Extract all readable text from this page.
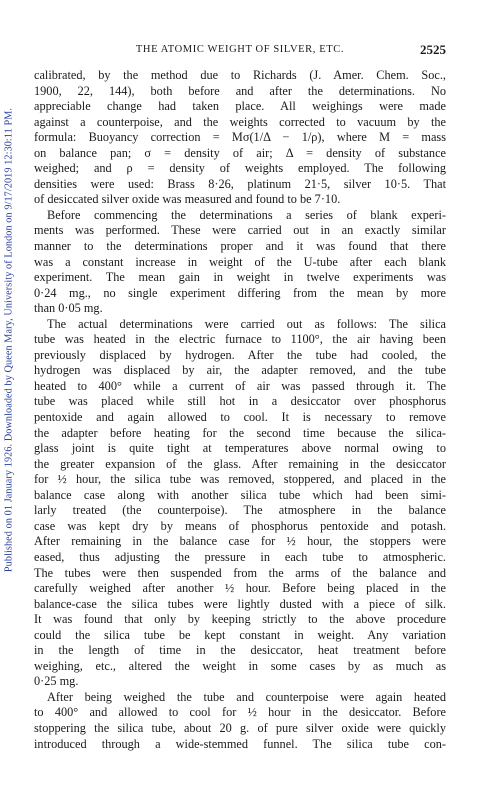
Published on 01 January 1926. Downloaded by Queen Mary, University of London on 9/17/2019 12:30:11 PM.
THE ATOMIC WEIGHT OF SILVER, ETC.	2525
calibrated, by the method due to Richards (J. Amer. Chem. Soc.,
1900, 22, 144), both before and after the determinations. No
appreciable change had taken place. All weighings were made
against a counterpoise, and the weights corrected to vacuum by the
formula: Buoyancy correction = Mσ(1/Δ − 1/ρ), where M = mass
on balance pan; σ = density of air; Δ = density of substance
weighed; and ρ = density of weights employed. The following
densities were used: Brass 8·26, platinum 21·5, silver 10·5. That
of desiccated silver oxide was measured and found to be 7·10.
Before commencing the determinations a series of blank experi-
ments was performed. These were carried out in an exactly similar
manner to the determinations proper and it was found that there
was a constant increase in weight of the U-tube after each blank
experiment. The mean gain in weight in twelve experiments was
0·24 mg., no single experiment differing from the mean by more
than 0·05 mg.
The actual determinations were carried out as follows: The silica
tube was heated in the electric furnace to 1100°, the air having been
previously displaced by hydrogen. After the tube had cooled, the
hydrogen was displaced by air, the adapter removed, and the tube
heated to 400° while a current of air was passed through it. The
tube was placed while still hot in a desiccator over phosphorus
pentoxide and again allowed to cool. It is necessary to remove
the adapter before heating for the second time because the silica-
glass joint is quite tight at temperatures above normal owing to
the greater expansion of the glass. After remaining in the desiccator
for ½ hour, the silica tube was removed, stoppered, and placed in the
balance case along with another silica tube which had been simi-
larly treated (the counterpoise). The atmosphere in the balance
case was kept dry by means of phosphorus pentoxide and potash.
After remaining in the balance case for ½ hour, the stoppers were
eased, thus adjusting the pressure in each tube to atmospheric.
The tubes were then suspended from the arms of the balance and
carefully weighed after another ½ hour. Before being placed in the
balance-case the silica tubes were lightly dusted with a piece of silk.
It was found that only by keeping strictly to the above procedure
could the silica tube be kept constant in weight. Any variation
in the length of time in the desiccator, heat treatment before
weighing, etc., altered the weight in some cases by as much as
0·25 mg.
After being weighed the tube and counterpoise were again heated
to 400° and allowed to cool for ½ hour in the desiccator. Before
stoppering the silica tube, about 20 g. of pure silver oxide were quickly
introduced through a wide-stemmed funnel. The silica tube con-
